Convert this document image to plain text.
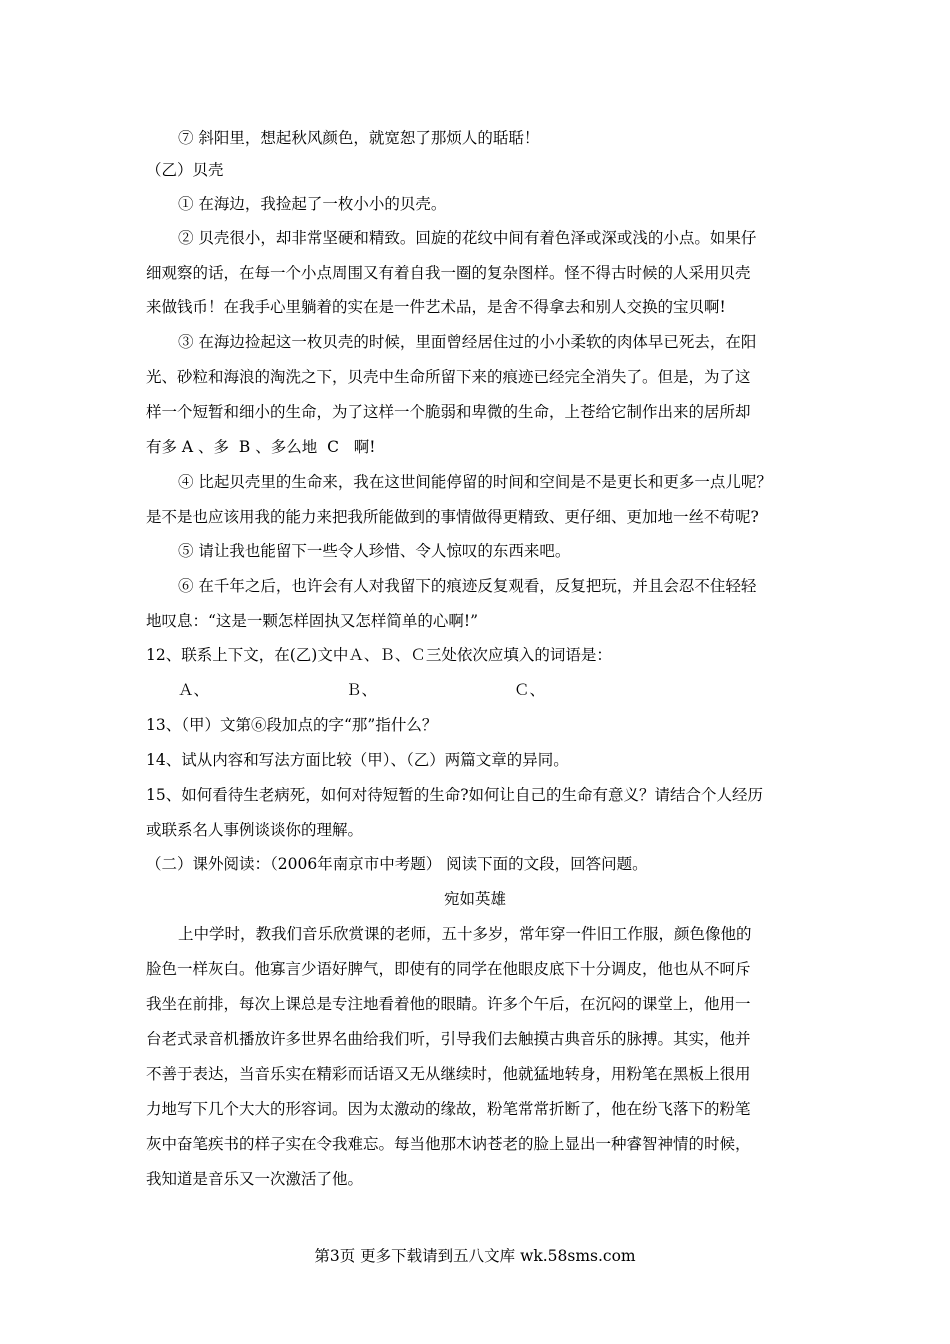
⑦ 斜阳里，想起秋风颜色，就宽恕了那烦人的聒聒！
（乙）贝壳
① 在海边，我捡起了一枚小小的贝壳。
② 贝壳很小，却非常坚硬和精致。回旋的花纹中间有着色泽或深或浅的小点。如果仔
细观察的话，在每一个小点周围又有着自我一圈的复杂图样。怪不得古时候的人采用贝壳
来做钱币！在我手心里躺着的实在是一件艺术品，是舍不得拿去和别人交换的宝贝啊!
③ 在海边捡起这一枚贝壳的时候，里面曾经居住过的小小柔软的肉体早已死去，在阳
光、砂粒和海浪的淘洗之下，贝壳中生命所留下来的痕迹已经完全消失了。但是，为了这
样一个短暂和细小的生命，为了这样一个脆弱和卑微的生命，上苍给它制作出来的居所却
有多 A 、多  B 、多么地  C   啊!
④ 比起贝壳里的生命来，我在这世间能停留的时间和空间是不是更长和更多一点儿呢？
是不是也应该用我的能力来把我所能做到的事情做得更精致、更仔细、更加地一丝不苟呢?
⑤ 请让我也能留下一些令人珍惜、令人惊叹的东西来吧。
⑥ 在千年之后，也许会有人对我留下的痕迹反复观看，反复把玩，并且会忍不住轻轻
地叹息：“这是一颗怎样固执又怎样简单的心啊!”
12、联系上下文，在(乙)文中Ａ、Ｂ、Ｃ三处依次应填入的词语是：
Ａ、	Ｂ、	Ｃ、
13、（甲）文第⑥段加点的字“那”指什么？
14、试从内容和写法方面比较（甲）、（乙）两篇文章的异同。
15、如何看待生老病死，如何对待短暂的生命?如何让自己的生命有意义？请结合个人经历
或联系名人事例谈谈你的理解。
（二）课外阅读：（2006年南京市中考题） 阅读下面的文段，回答问题。
宛如英雄
上中学时，教我们音乐欣赏课的老师，五十多岁，常年穿一件旧工作服，颜色像他的
脸色一样灰白。他寡言少语好脾气，即使有的同学在他眼皮底下十分调皮，他也从不呵斥
我坐在前排，每次上课总是专注地看着他的眼睛。许多个午后，在沉闷的课堂上，他用一
台老式录音机播放许多世界名曲给我们听，引导我们去触摸古典音乐的脉搏。其实，他并
不善于表达，当音乐实在精彩而话语又无从继续时，他就猛地转身，用粉笔在黑板上很用
力地写下几个大大的形容词。因为太激动的缘故，粉笔常常折断了，他在纷飞落下的粉笔
灰中奋笔疾书的样子实在令我难忘。每当他那木讷苍老的脸上显出一种睿智神情的时候，
我知道是音乐又一次激活了他。
第3页 更多下载请到五八文库 wk.58sms.com
